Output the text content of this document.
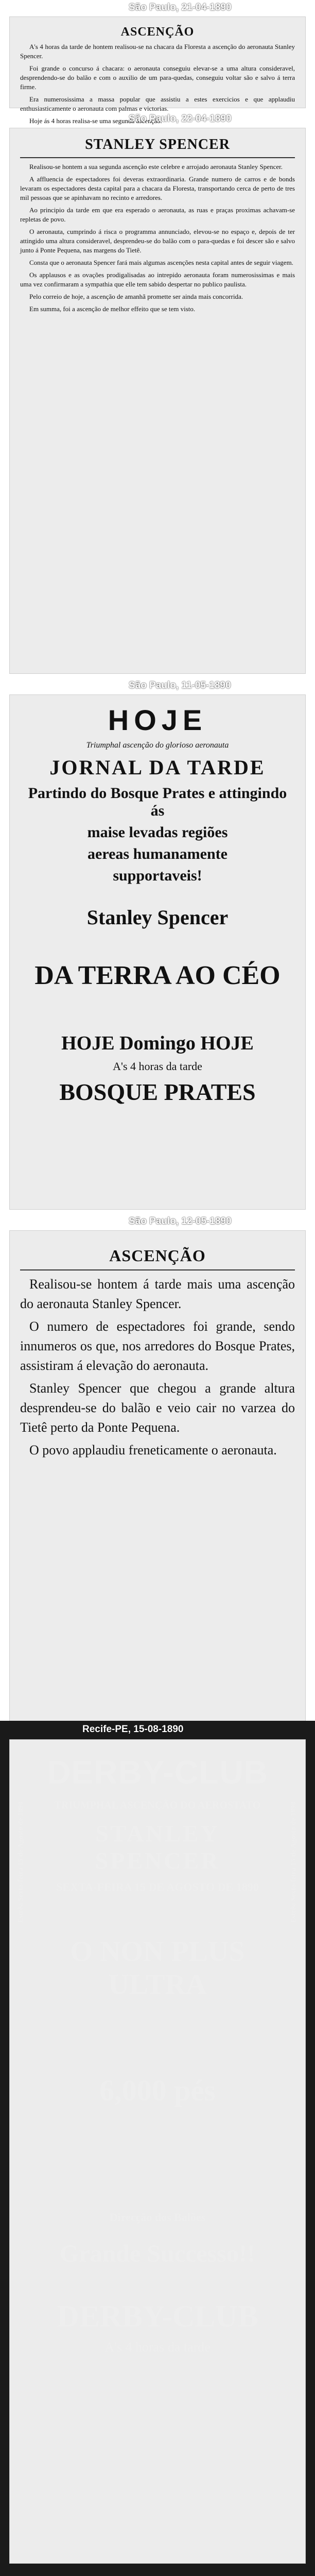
São Paulo, 21-04-1890
ASCENÇÃO

A's 4 horas da tarde de hontem realisou-se na chacara da Floresta a ascenção do aeronauta Stanley Spencer.

Foi grande o concurso á chacara: o aeronauta conseguiu elevar-se a uma altura consideravel, desprendendo-se do balão e com o auxilio de um para-quedas, conseguiu voltar são e salvo á terra firme.

Era numerosissima a massa popular que assistiu a estes exercicios e que applaudiu enthusiasticamente o aeronauta com palmas e victorias.

Hoje ás 4 horas realisa-se uma segunda ascenção.

São Paulo, 22-04-1890
STANLEY SPENCER

Realisou-se hontem a sua segunda ascenção este celebre e arrojado aeronauta Stanley Spencer.

A affluencia de espectadores foi deveras extraordinaria. Grande numero de carros e de bonds levaram os espectadores desta capital para a chacara da Floresta, transportando cerca de perto de tres mil pessoas que se apinhavam no recinto e arredores.

Ao principio da tarde em que era esperado o aeronauta, as ruas e praças proximas achavam-se repletas de povo.

O aeronauta, cumprindo á risca o programma annunciado, elevou-se no espaço e, depois de ter attingido uma altura consideravel, desprendeu-se do balão com o para-quedas e foi descer são e salvo junto á Ponte Pequena, nas margens do Tietê.

Consta que o aeronauta Spencer fará mais algumas ascenções nesta capital antes de seguir viagem.

Os applausos e as ovações prodigalisadas ao intrepido aeronauta foram numerosissimas e mais uma vez confirmaram a sympathia que elle tem sabido despertar no publico paulista.

Pelo correio de hoje, a ascenção de amanhã promette ser ainda mais concorrida.

Em summa, foi a ascenção de melhor effeito que se tem visto.

São Paulo, 11-05-1890
HOJE
Triumphal ascenção do glorioso aeronauta
JORNAL DA TARDE
Partindo do Bosque Prates e attingindo ás
maise levadas regiões
aereas humanamente
supportaveis!
Stanley Spencer
DA TERRA AO CÉO
HOJE Domingo HOJE
A's 4 horas da tarde
BOSQUE PRATES
São Paulo, 12-05-1890
ASCENÇÃO

Realisou-se hontem á tarde mais uma ascenção do aeronauta Stanley Spencer.

O numero de espectadores foi grande, sendo innumeros os que, nos arredores do Bosque Prates, assistiram á elevação do aeronauta.

Stanley Spencer que chegou a grande altura desprendeu-se do balão e veio cair no varzea do Tietê perto da Ponte Pequena.

O povo applaudiu freneticamente o aeronauta.

Recife-PE, 15-08-1890
Estrêa Sexta-feira 15 de Agosto de 1890	Estrêa Sexta-feira 15 de Agosto de 1890
DERBY-CLUB
TRIUMPHAL ASCENÇÃO DO AEROSTATO
STANLEY SPENCER
SEXTA-FEIRA 15 DE AGOSTO DE 1890
O NON PLUS ULTRA
6,000 pés
Direcção dos Balões
Grande Successo!!
DERBY-CLUB
A's 4 horas da tarde
